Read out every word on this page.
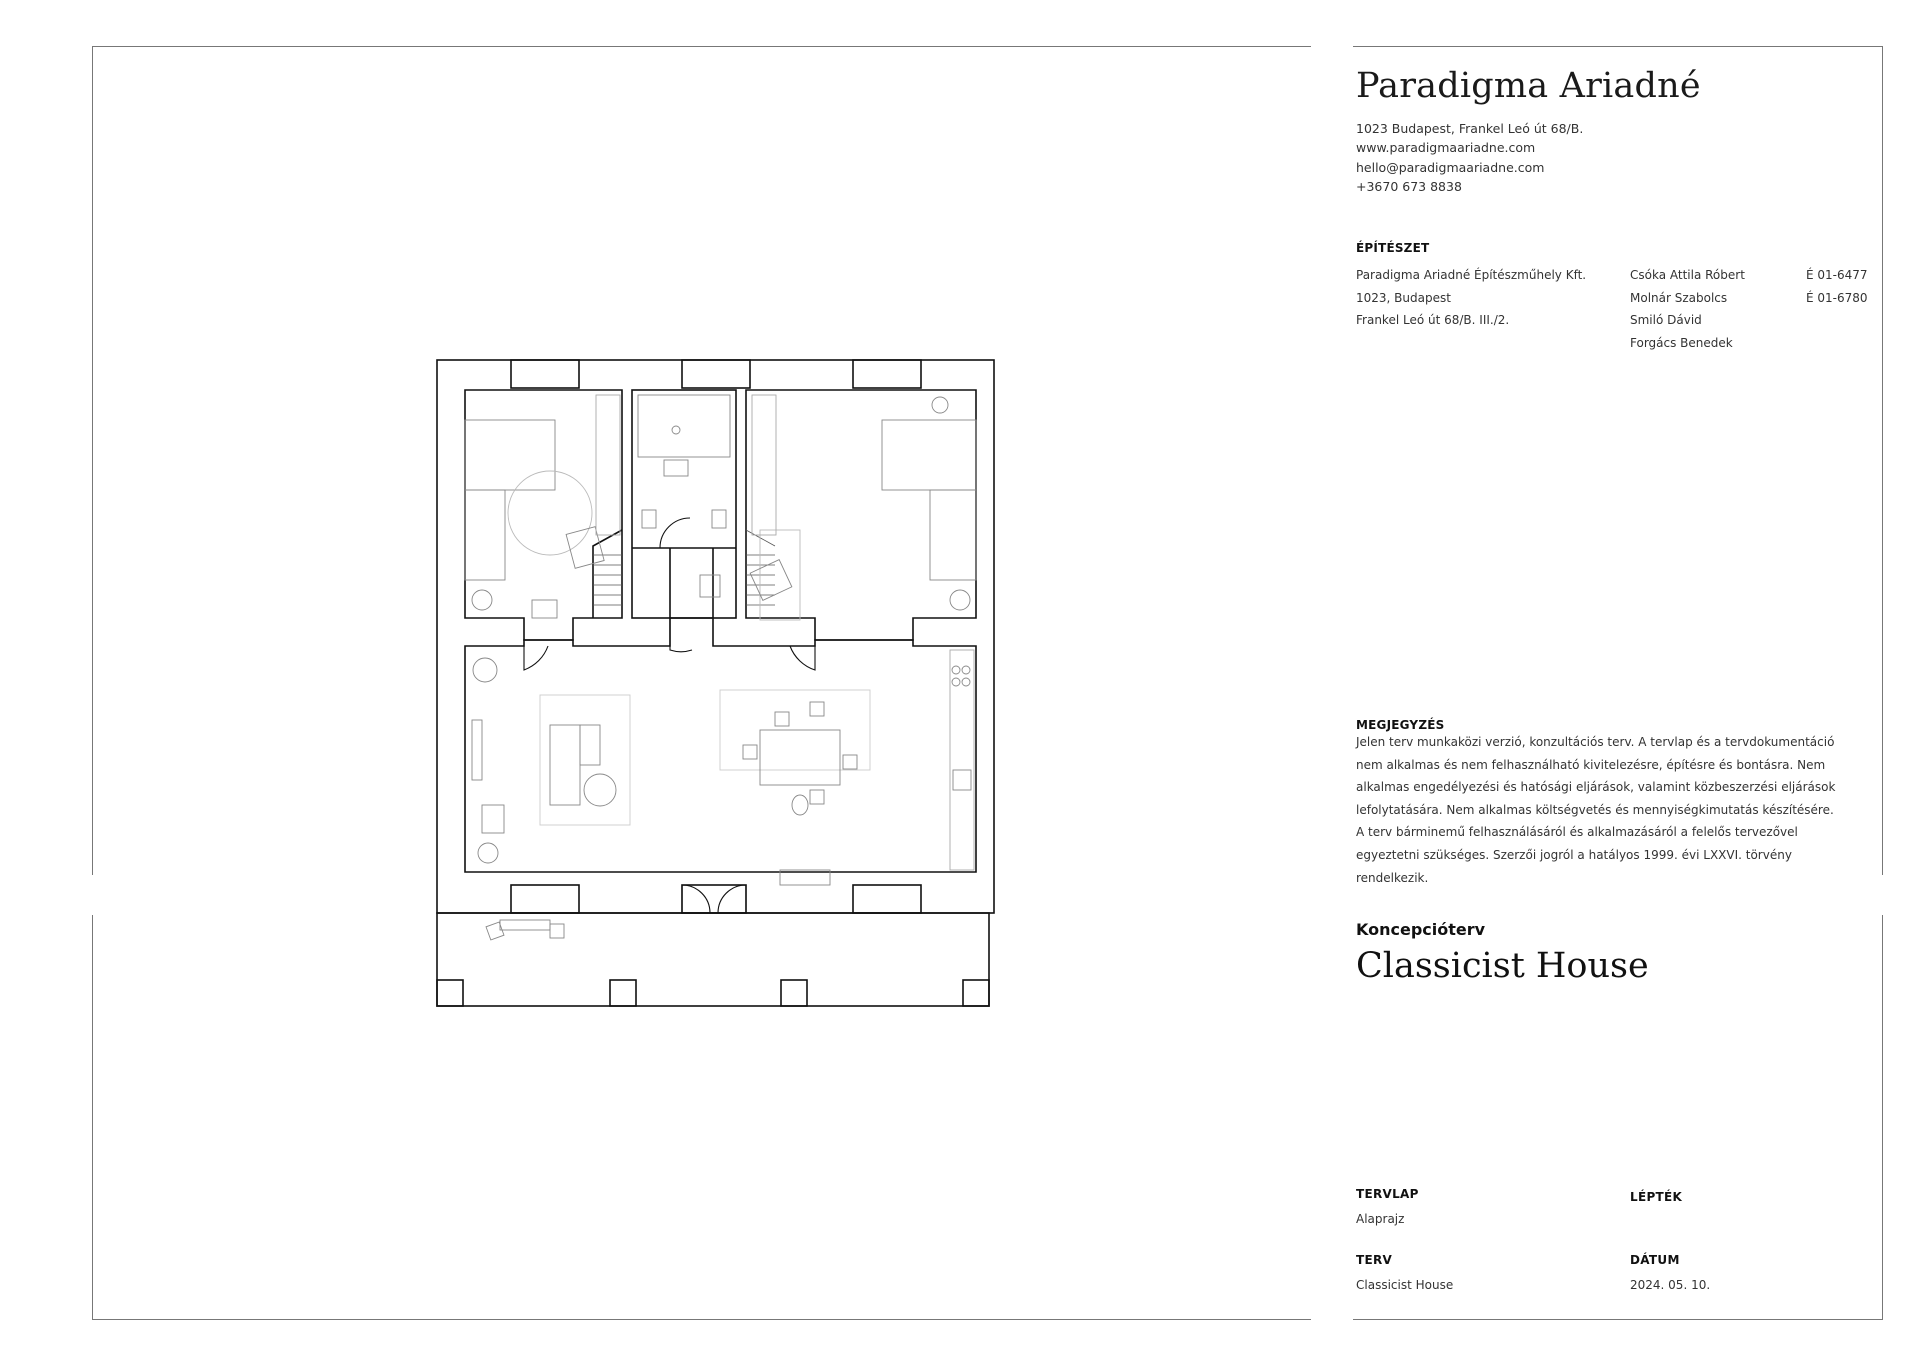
Paradigma Ariadné
1023 Budapest, Frankel Leó út 68/B.
www.paradigmaariadne.com
hello@paradigmaariadne.com
+3670 673 8838
ÉPÍTÉSZET
Paradigma Ariadné Építészműhely Kft.
1023, Budapest
Frankel Leó út 68/B. III./2.
Csóka Attila Róbert
Molnár Szabolcs
Smiló Dávid
Forgács Benedek
É 01-6477
É 01-6780
MEGJEGYZÉS
Jelen terv munkaközi verzió, konzultációs terv. A tervlap és a tervdokumentáció nem alkalmas és nem felhasználható kivitelezésre, építésre és bontásra. Nem alkalmas engedélyezési és hatósági eljárások, valamint közbeszerzési eljárások lefolytatására. Nem alkalmas költségvetés és mennyiségkimutatás készítésére. A terv bárminemű felhasználásáról és alkalmazásáról a felelős tervezővel egyeztetni szükséges. Szerzői jogról a hatályos 1999. évi LXXVI. törvény rendelkezik.
Koncepcióterv
Classicist House
TERVLAP
Alaprajz
LÉPTÉK
TERV
Classicist House
DÁTUM
2024. 05. 10.
